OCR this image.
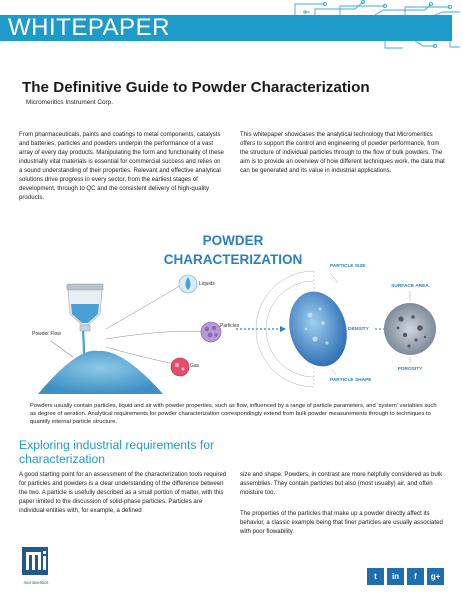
WHITEPAPER
The Definitive Guide to Powder Characterization
Micromeritics Instrument Corp.
From pharmaceuticals, paints and coatings to metal components, catalysts and batteries, particles and powders underpin the performance of a vast array of every day products. Manipulating the form and functionality of these industrially vital materials is essential for commercial success and relies on a sound understanding of their properties. Relevant and effective analytical solutions drive progress in every sector, from the earliest stages of development, through to QC and the consistent delivery of high-quality products.
This whitepaper showcases the analytical technology that Micromeritics offers to support the control and engineering of powder performance, from the structure of individual particles through to the flow of bulk powders. The aim is to provide an overview of how different techniques work, the data that can be generated and its value in industrial applications.
POWDER
CHARACTERIZATION
Powder Flow
Liquids
Particles
Gas
PARTICLE SIZE
DENSITY
PARTICLE SHAPE
SURFACE AREA
POROSITY
Powders usually contain particles, liquid and air with powder properties, such as flow, influenced by a range of particle parameters, and 'system' variables such as degree of aeration. Analytical requirements for powder characterization correspondingly extend from bulk powder measurements through to techniques to quantify internal particle structure.
Exploring industrial requirements for characterization
A good starting point for an assessment of the characterization tools required for particles and powders is a clear understanding of the difference between the two. A particle is usefully described as a small portion of matter, with this paper limited to the discussion of solid-phase particles. Particles are individual entities with, for example, a defined
size and shape. Powders, in contrast are more helpfully considered as bulk assemblies. They contain particles but also (most usually) air, and often moisture too.
The properties of the particles that make up a powder directly affect its behavior, a classic example being that finer particles are usually associated with poor flowability.
micromeritics
t	in	f	g+
